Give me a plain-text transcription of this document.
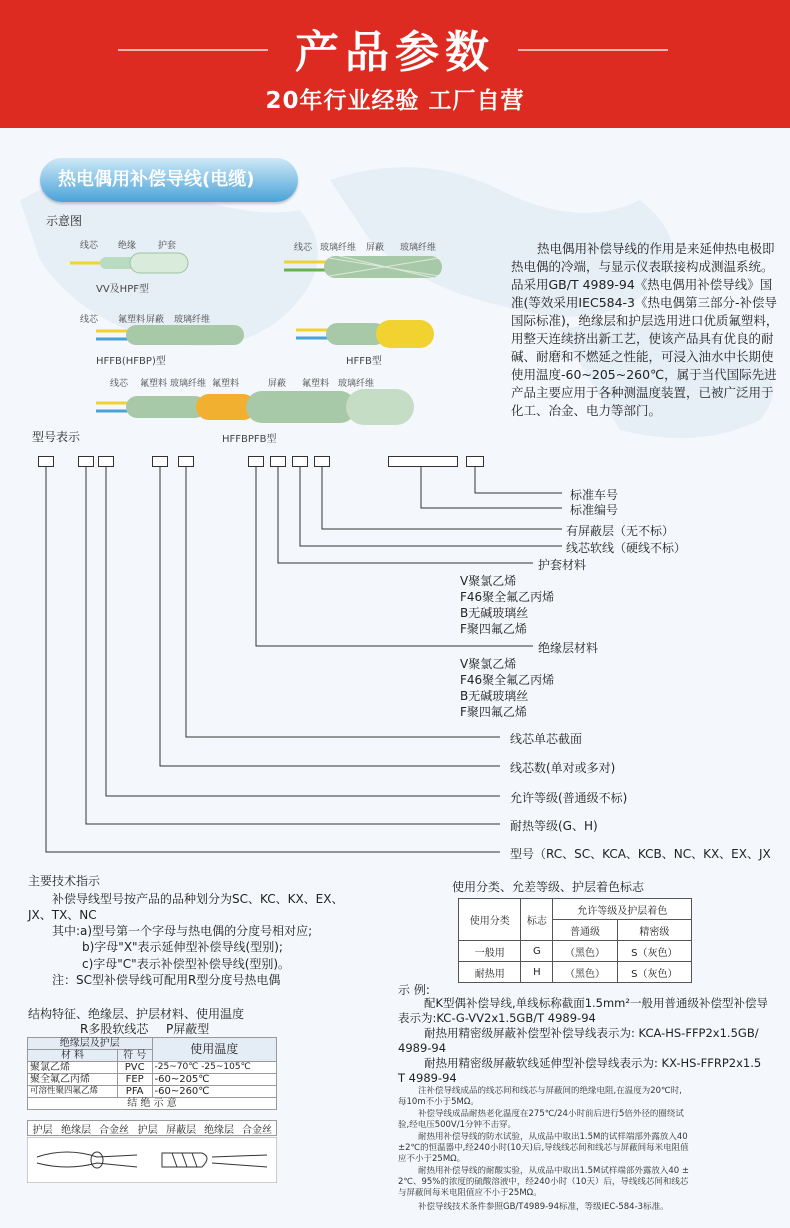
产品参数
20年行业经验 工厂自营
热电偶用补偿导线(电缆)
示意图
线芯 绝缘 护套
VV及HPF型
线芯 玻璃纤维 屏蔽 玻璃纤维
线芯 氟塑料 屏蔽 玻璃纤维
HFFB(HFBP)型	HFFB型
线芯 氟塑料 玻璃纤维 氟塑料	屏蔽 氟塑料 玻璃纤维
HFFBPFB型
热电偶用补偿导线的作用是来延伸热电极即
热电偶的冷端，与显示仪表联接构成测温系统。
品采用GB/T 4989-94《热电偶用补偿导线》国
准(等效采用IEC584-3《热电偶第三部分-补偿导
国际标准)，绝缘层和护层选用进口优质氟塑料，
用整天连续挤出新工艺，使该产品具有优良的耐
碱、耐磨和不燃延之性能，可浸入油水中长期使
使用温度-60~205~260℃，属于当代国际先进
产品主要应用于各种测温度装置，已被广泛用于
化工、冶金、电力等部门。
型号表示
标准车号
标准编号
有屏蔽层（无不标）
线芯软线（硬线不标）
护套材料
V聚氯乙烯
F46聚全氟乙丙烯
B无碱玻璃丝
F聚四氟乙烯
绝缘层材料
V聚氯乙烯
F46聚全氟乙丙烯
B无碱玻璃丝
F聚四氟乙烯
线芯单芯截面
线芯数(单对或多对)
允许等级(普通级不标)
耐热等级(G、H)
型号（RC、SC、KCA、KCB、NC、KX、EX、JX
主要技术指示
补偿导线型号按产品的品种划分为SC、KC、KX、EX、
JX、TX、NC
其中:a)型号第一个字母与热电偶的分度号相对应;
b)字母"X"表示延伸型补偿导线(型别);
c)字母"C"表示补偿型补偿导线(型别)。
注：SC型补偿导线可配用R型分度号热电偶
使用分类、允差等级、护层着色标志
使用分类	标志	允许等级及护层着色	
		普通级	精密级
一般用	G	（黑色）	S（灰色）
耐热用	H	（黑色）	S（灰色）
结构特征、绝缘层、护层材料、使用温度
R多股软线芯 P屏蔽型
绝缘层及护层		使用温度
材 料	符 号	
聚氯乙烯	PVC	-25~70℃ -25~105℃
聚全氟乙丙烯	FEP	-60~205℃
可溶性聚四氟乙烯	PFA	-60~260℃
结 绝 示 意		
护层 绝缘层 合金丝 护层 屏蔽层 绝缘层 合金丝
示 例:
配K型偶补偿导线,单线标称截面1.5mm²一般用普通级补偿型补偿导
表示为:KC-G-VV2x1.5GB/T 4989-94
耐热用精密级屏蔽补偿型补偿导线表示为: KCA-HS-FFP2x1.5GB/
4989-94
耐热用精密级屏蔽软线延伸型补偿导线表示为: KX-HS-FFRP2x1.5
T 4989-94
注补偿导线成品的线芯间和线芯与屏蔽间的绝缘电阻,在温度为20℃时,
每10m不小于5MΩ。
补偿导线成品耐热老化温度在275℃/24小时前后进行5倍外径的圈绕试
验,经电压500V/1分钟不击穿。
耐热用补偿导线的防水试验，从成品中取出1.5M的试样端部外露放入40
±2℃的恒温器中,经240小时(10天)后,导线线芯间和线芯与屏蔽间每米电阻值
应不小于25MΩ。
耐热用补偿导线的耐酸实验，从成品中取出1.5M试样端部外露放入40 ±
2℃、95%的浓度的硫酸溶液中，经240小时（10天）后，导线线芯间和线芯
与屏蔽间每米电阻值应不小于25MΩ。
补偿导线技术条件参照GB/T4989-94标准，等级IEC-584-3标准。
